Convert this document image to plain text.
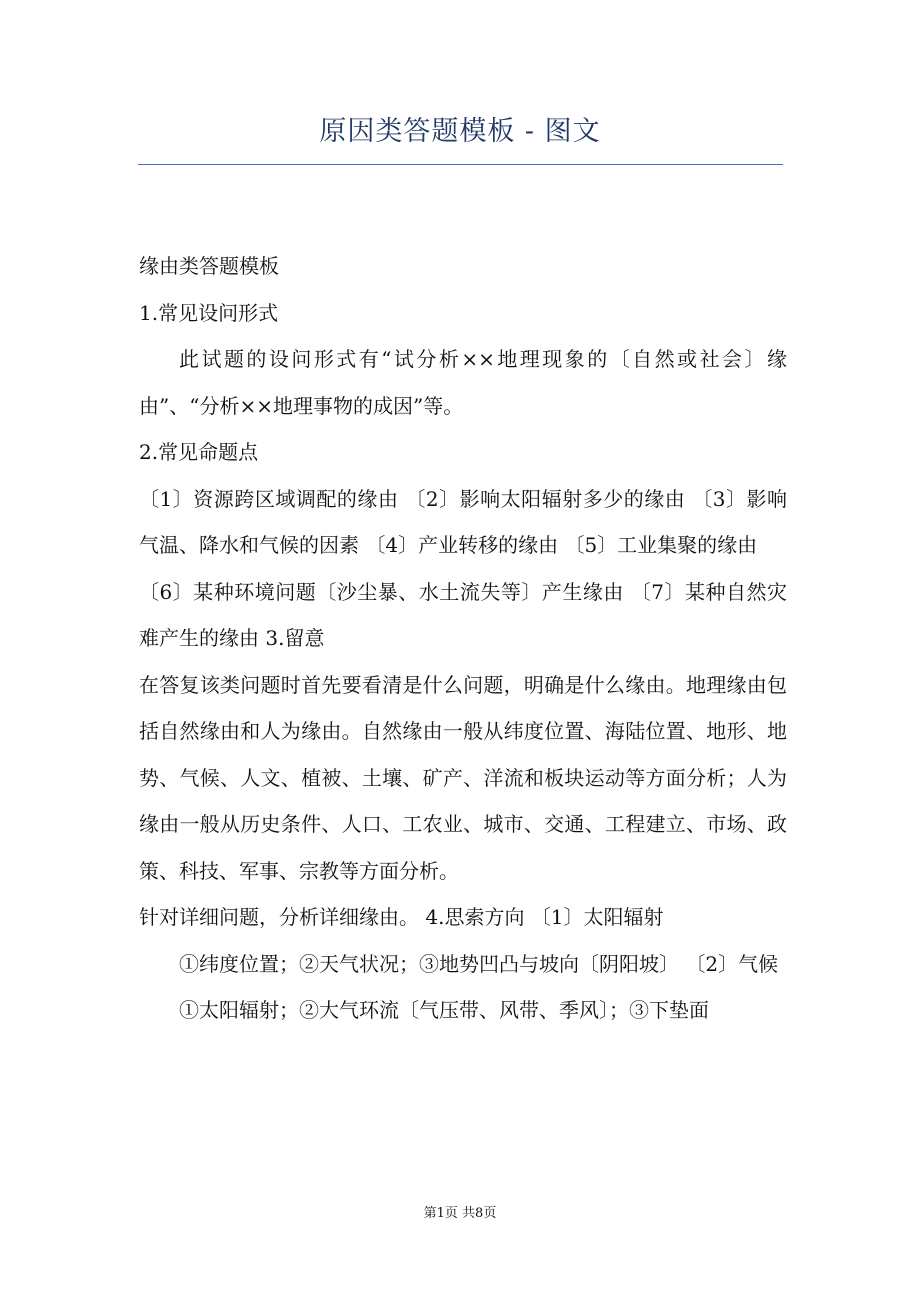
原因类答题模板 - 图文

缘由类答题模板

1.常见设问形式

此试题的设问形式有“试分析××地理现象的〔自然或社会〕缘由”、“分析××地理事物的成因”等。

2.常见命题点

〔1〕资源跨区域调配的缘由 〔2〕影响太阳辐射多少的缘由 〔3〕影响气温、降水和气候的因素 〔4〕产业转移的缘由 〔5〕工业集聚的缘由

〔6〕某种环境问题〔沙尘暴、水土流失等〕产生缘由 〔7〕某种自然灾难产生的缘由 3.留意

在答复该类问题时首先要看清是什么问题，明确是什么缘由。地理缘由包括自然缘由和人为缘由。自然缘由一般从纬度位置、海陆位置、地形、地势、气候、人文、植被、土壤、矿产、洋流和板块运动等方面分析；人为缘由一般从历史条件、人口、工农业、城市、交通、工程建立、市场、政策、科技、军事、宗教等方面分析。

针对详细问题，分析详细缘由。 4.思索方向 〔1〕太阳辐射

①纬度位置；②天气状况；③地势凹凸与坡向〔阴阳坡〕 〔2〕气候

①太阳辐射；②大气环流〔气压带、风带、季风〕；③下垫面

第1页 共8页
